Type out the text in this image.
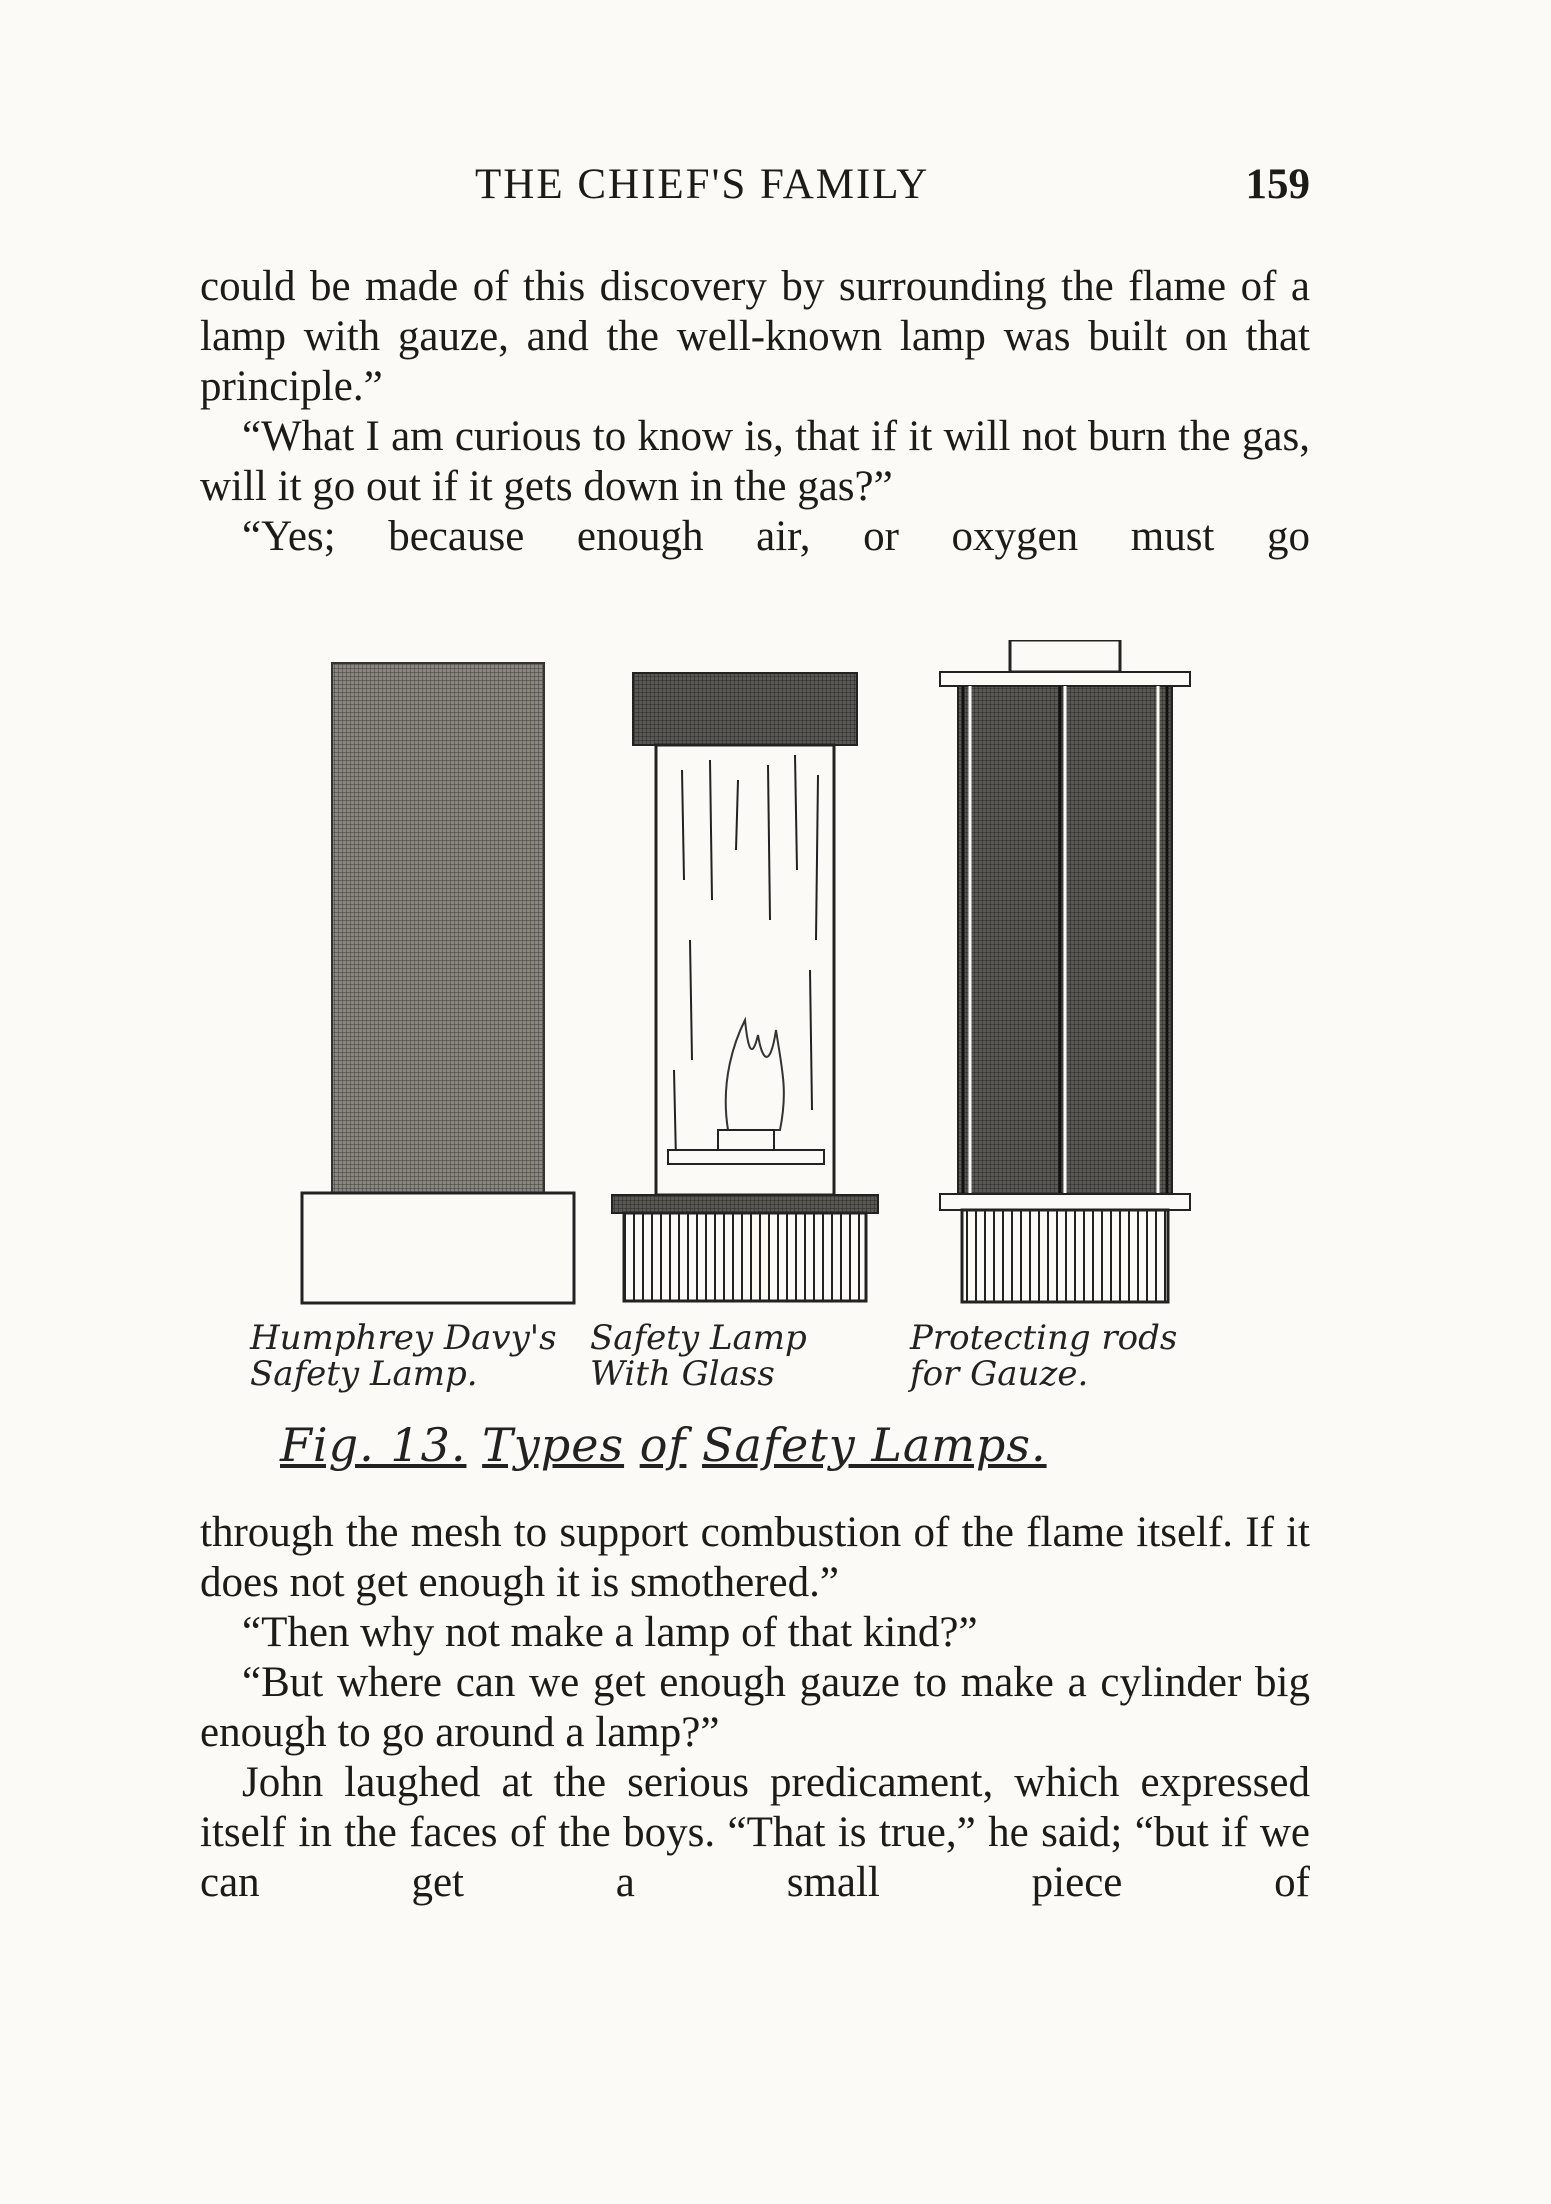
THE CHIEF'S FAMILY	159

could be made of this discovery by surrounding the flame of a lamp with gauze, and the well-known lamp was built on that principle.”

“What I am curious to know is, that if it will not burn the gas, will it go out if it gets down in the gas?”

“Yes; because enough air, or oxygen must go

Humphrey Davy's
Safety Lamp.
Safety Lamp
With Glass
Protecting rods
for Gauze.
Fig. 13. Types of Safety Lamps.

through the mesh to support combustion of the flame itself. If it does not get enough it is smothered.”

“Then why not make a lamp of that kind?”

“But where can we get enough gauze to make a cylinder big enough to go around a lamp?”

John laughed at the serious predicament, which expressed itself in the faces of the boys. “That is true,” he said; “but if we can get a small piece of
